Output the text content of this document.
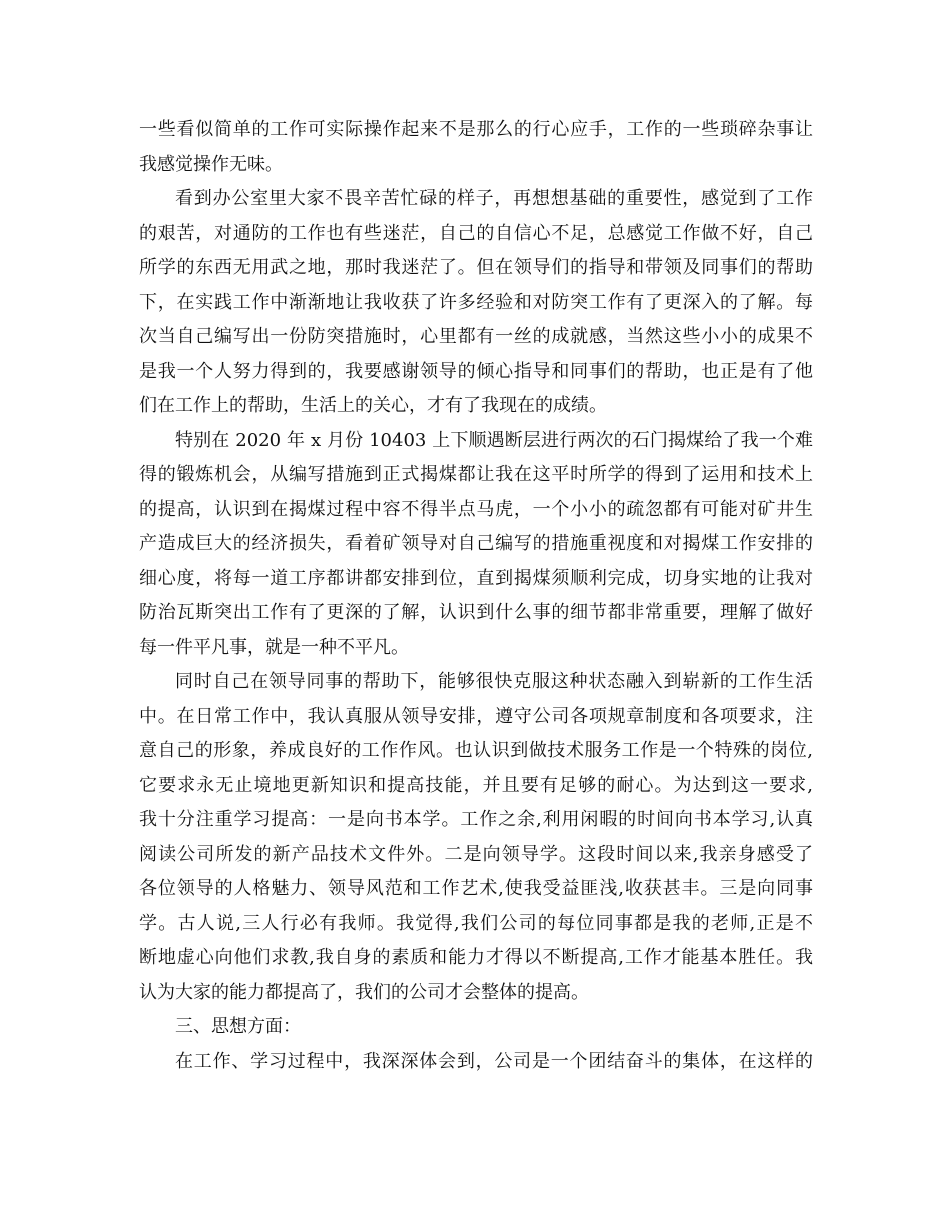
一些看似简单的工作可实际操作起来不是那么的行心应手，工作的一些琐碎杂事让
我感觉操作无味。
看到办公室里大家不畏辛苦忙碌的样子，再想想基础的重要性，感觉到了工作
的艰苦，对通防的工作也有些迷茫，自己的自信心不足，总感觉工作做不好，自己
所学的东西无用武之地，那时我迷茫了。但在领导们的指导和带领及同事们的帮助
下，在实践工作中渐渐地让我收获了许多经验和对防突工作有了更深入的了解。每
次当自己编写出一份防突措施时，心里都有一丝的成就感，当然这些小小的成果不
是我一个人努力得到的，我要感谢领导的倾心指导和同事们的帮助，也正是有了他
们在工作上的帮助，生活上的关心，才有了我现在的成绩。
特别在 2020 年 x 月份 10403 上下顺遇断层进行两次的石门揭煤给了我一个难
得的锻炼机会，从编写措施到正式揭煤都让我在这平时所学的得到了运用和技术上
的提高，认识到在揭煤过程中容不得半点马虎，一个小小的疏忽都有可能对矿井生
产造成巨大的经济损失，看着矿领导对自己编写的措施重视度和对揭煤工作安排的
细心度，将每一道工序都讲都安排到位，直到揭煤须顺利完成，切身实地的让我对
防治瓦斯突出工作有了更深的了解，认识到什么事的细节都非常重要，理解了做好
每一件平凡事，就是一种不平凡。
同时自己在领导同事的帮助下，能够很快克服这种状态融入到崭新的工作生活
中。在日常工作中，我认真服从领导安排，遵守公司各项规章制度和各项要求，注
意自己的形象，养成良好的工作作风。也认识到做技术服务工作是一个特殊的岗位,
它要求永无止境地更新知识和提高技能，并且要有足够的耐心。为达到这一要求,
我十分注重学习提高：一是向书本学。工作之余,利用闲暇的时间向书本学习,认真
阅读公司所发的新产品技术文件外。二是向领导学。这段时间以来,我亲身感受了
各位领导的人格魅力、领导风范和工作艺术,使我受益匪浅,收获甚丰。三是向同事
学。古人说,三人行必有我师。我觉得,我们公司的每位同事都是我的老师,正是不
断地虚心向他们求教,我自身的素质和能力才得以不断提高,工作才能基本胜任。我
认为大家的能力都提高了，我们的公司才会整体的提高。
三、思想方面：
在工作、学习过程中，我深深体会到，公司是一个团结奋斗的集体，在这样的
